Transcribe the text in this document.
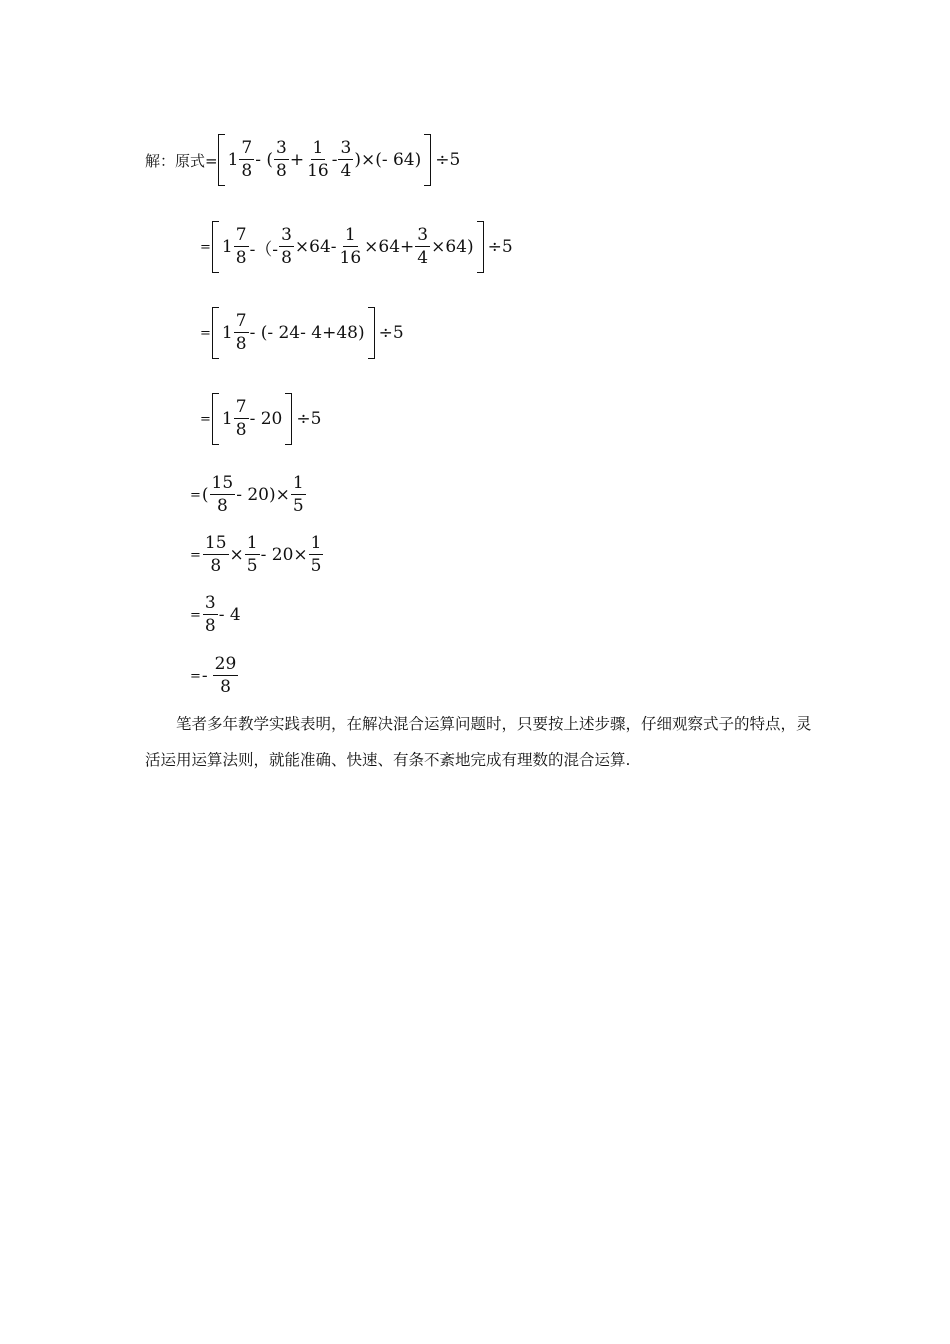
解：原式= $1 \frac{7}{8}$ - ( $\frac{3}{8} + \frac{1}{16} - \frac{3}{4}$ )×(- 64) ÷5
= $1 \frac{7}{8}$ -（- $\frac{3}{8} \times 64- \frac{1}{16} \times 64+ \frac{3}{4} \times 64) \div 5$
= $1 \frac{7}{8}$ - (- 24- 4+48) ÷5
= $1 \frac{7}{8} - 20 \div 5$
= ( $\frac{15}{8} - 20)\times \frac{1}{5}$
= $\frac{15}{8} \times \frac{1}{5} - 20\times \frac{1}{5}$
= $\frac{3}{8} - 4$
= - $\frac{29}{8}$
笔者多年教学实践表明，在解决混合运算问题时，只要按上述步骤，仔细观察式子的特点，灵活运用运算法则，就能准确、快速、有条不紊地完成有理数的混合运算.
